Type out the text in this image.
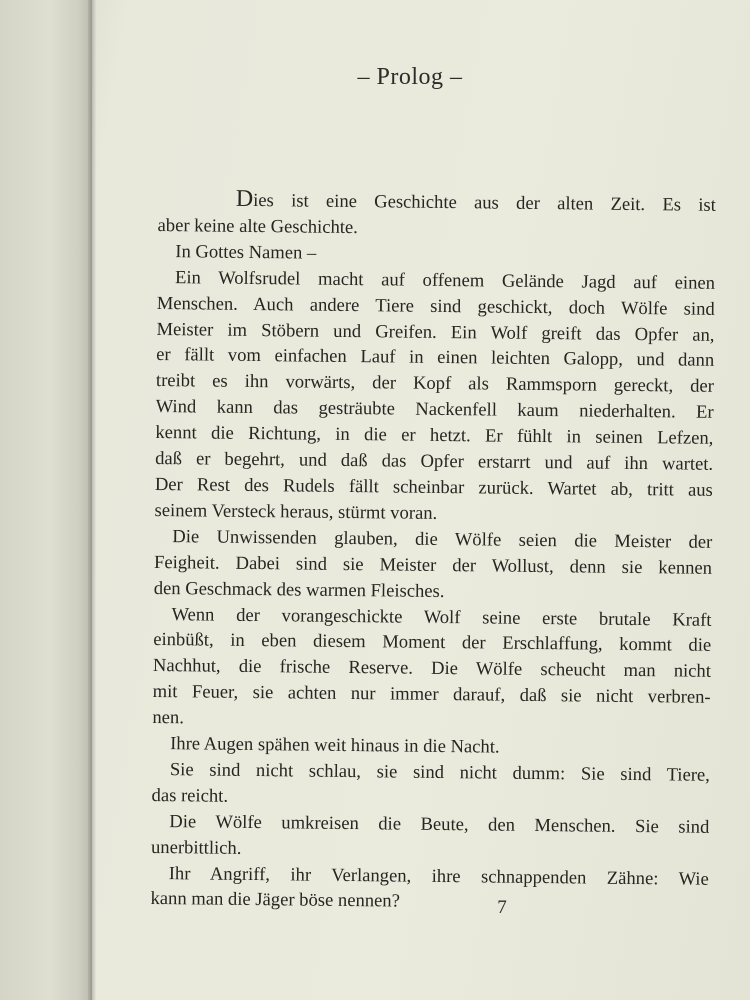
– Prolog –
Dies ist eine Geschichte aus der alten Zeit. Es ist
aber keine alte Geschichte.
In Gottes Namen –
Ein Wolfsrudel macht auf offenem Gelände Jagd auf einen
Menschen. Auch andere Tiere sind geschickt, doch Wölfe sind
Meister im Stöbern und Greifen. Ein Wolf greift das Opfer an,
er fällt vom einfachen Lauf in einen leichten Galopp, und dann
treibt es ihn vorwärts, der Kopf als Rammsporn gereckt, der
Wind kann das gesträubte Nackenfell kaum niederhalten. Er
kennt die Richtung, in die er hetzt. Er fühlt in seinen Lefzen,
daß er begehrt, und daß das Opfer erstarrt und auf ihn wartet.
Der Rest des Rudels fällt scheinbar zurück. Wartet ab, tritt aus
seinem Versteck heraus, stürmt voran.
Die Unwissenden glauben, die Wölfe seien die Meister der
Feigheit. Dabei sind sie Meister der Wollust, denn sie kennen
den Geschmack des warmen Fleisches.
Wenn der vorangeschickte Wolf seine erste brutale Kraft
einbüßt, in eben diesem Moment der Erschlaffung, kommt die
Nachhut, die frische Reserve. Die Wölfe scheucht man nicht
mit Feuer, sie achten nur immer darauf, daß sie nicht verbren-
nen.
Ihre Augen spähen weit hinaus in die Nacht.
Sie sind nicht schlau, sie sind nicht dumm: Sie sind Tiere,
das reicht.
Die Wölfe umkreisen die Beute, den Menschen. Sie sind
unerbittlich.
Ihr Angriff, ihr Verlangen, ihre schnappenden Zähne: Wie
kann man die Jäger böse nennen?	7
